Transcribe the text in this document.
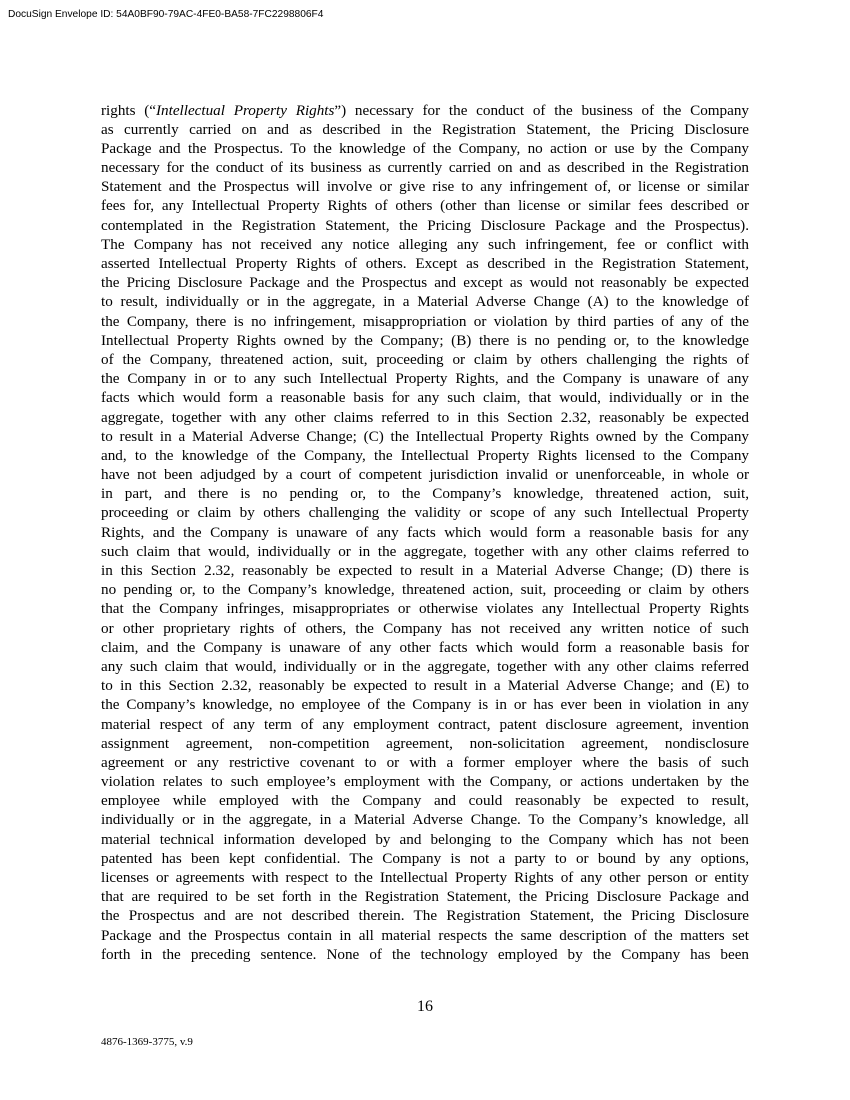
DocuSign Envelope ID: 54A0BF90-79AC-4FE0-BA58-7FC2298806F4
rights (“Intellectual Property Rights”) necessary for the conduct of the business of the Company
as currently carried on and as described in the Registration Statement, the Pricing Disclosure
Package and the Prospectus. To the knowledge of the Company, no action or use by the Company
necessary for the conduct of its business as currently carried on and as described in the Registration
Statement and the Prospectus will involve or give rise to any infringement of, or license or similar
fees for, any Intellectual Property Rights of others (other than license or similar fees described or
contemplated in the Registration Statement, the Pricing Disclosure Package and the Prospectus).
The Company has not received any notice alleging any such infringement, fee or conflict with
asserted Intellectual Property Rights of others. Except as described in the Registration Statement,
the Pricing Disclosure Package and the Prospectus and except as would not reasonably be expected
to result, individually or in the aggregate, in a Material Adverse Change (A) to the knowledge of
the Company, there is no infringement, misappropriation or violation by third parties of any of the
Intellectual Property Rights owned by the Company; (B) there is no pending or, to the knowledge
of the Company, threatened action, suit, proceeding or claim by others challenging the rights of
the Company in or to any such Intellectual Property Rights, and the Company is unaware of any
facts which would form a reasonable basis for any such claim, that would, individually or in the
aggregate, together with any other claims referred to in this Section 2.32, reasonably be expected
to result in a Material Adverse Change; (C) the Intellectual Property Rights owned by the Company
and, to the knowledge of the Company, the Intellectual Property Rights licensed to the Company
have not been adjudged by a court of competent jurisdiction invalid or unenforceable, in whole or
in part, and there is no pending or, to the Company’s knowledge, threatened action, suit,
proceeding or claim by others challenging the validity or scope of any such Intellectual Property
Rights, and the Company is unaware of any facts which would form a reasonable basis for any
such claim that would, individually or in the aggregate, together with any other claims referred to
in this Section 2.32, reasonably be expected to result in a Material Adverse Change; (D) there is
no pending or, to the Company’s knowledge, threatened action, suit, proceeding or claim by others
that the Company infringes, misappropriates or otherwise violates any Intellectual Property Rights
or other proprietary rights of others, the Company has not received any written notice of such
claim, and the Company is unaware of any other facts which would form a reasonable basis for
any such claim that would, individually or in the aggregate, together with any other claims referred
to in this Section 2.32, reasonably be expected to result in a Material Adverse Change; and (E) to
the Company’s knowledge, no employee of the Company is in or has ever been in violation in any
material respect of any term of any employment contract, patent disclosure agreement, invention
assignment agreement, non-competition agreement, non-solicitation agreement, nondisclosure
agreement or any restrictive covenant to or with a former employer where the basis of such
violation relates to such employee’s employment with the Company, or actions undertaken by the
employee while employed with the Company and could reasonably be expected to result,
individually or in the aggregate, in a Material Adverse Change. To the Company’s knowledge, all
material technical information developed by and belonging to the Company which has not been
patented has been kept confidential. The Company is not a party to or bound by any options,
licenses or agreements with respect to the Intellectual Property Rights of any other person or entity
that are required to be set forth in the Registration Statement, the Pricing Disclosure Package and
the Prospectus and are not described therein. The Registration Statement, the Pricing Disclosure
Package and the Prospectus contain in all material respects the same description of the matters set
forth in the preceding sentence. None of the technology employed by the Company has been
16
4876-1369-3775, v.9
